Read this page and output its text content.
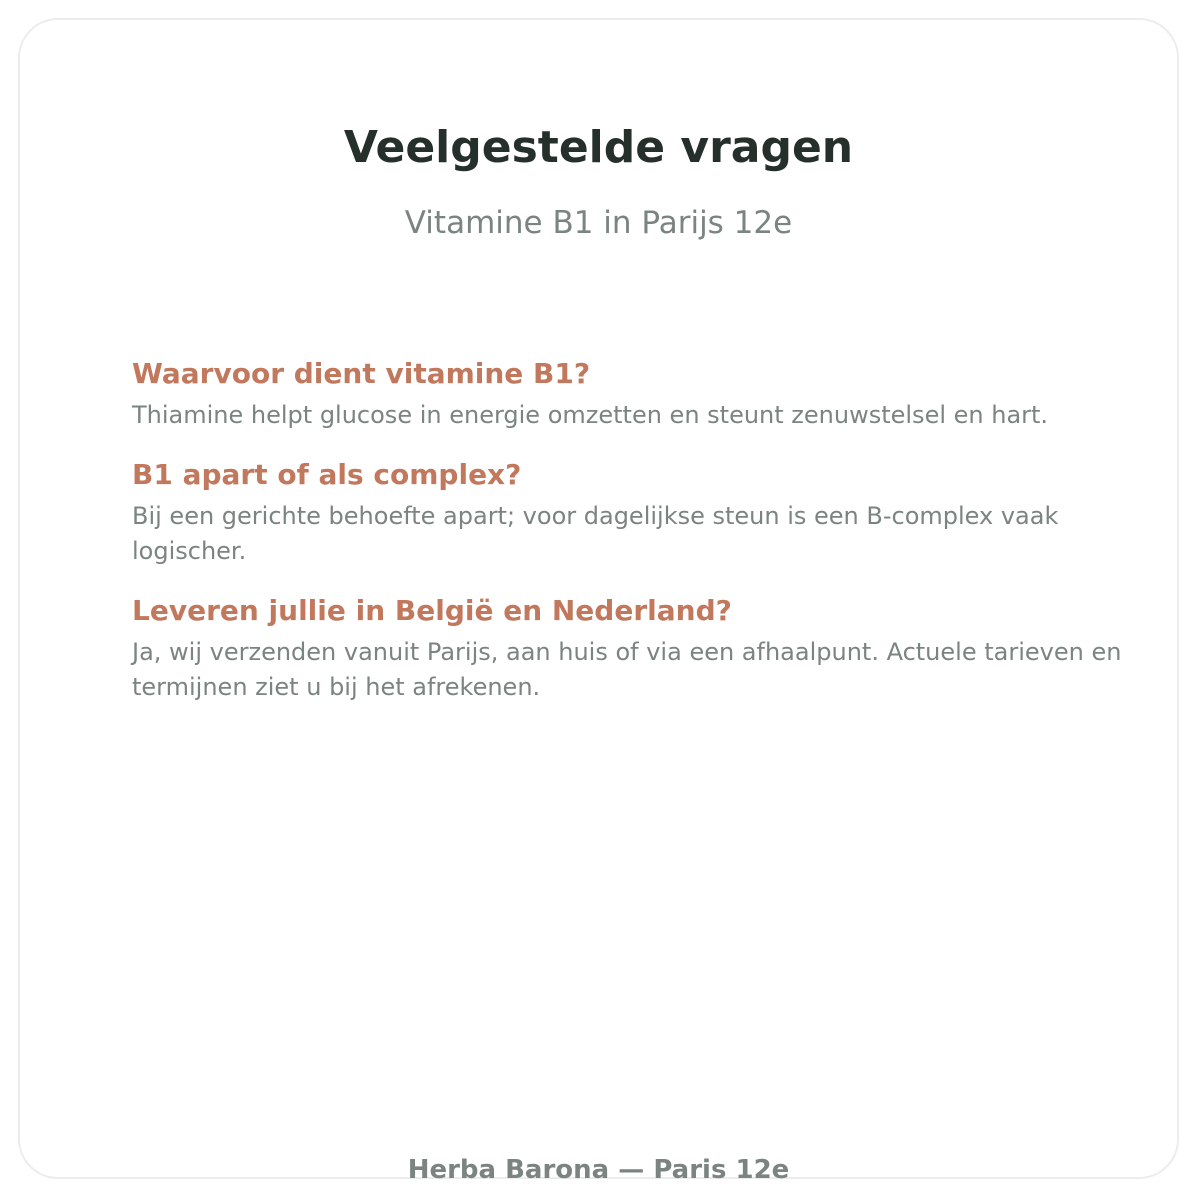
Veelgestelde vragen

Vitamine B1 in Parijs 12e

Waarvoor dient vitamine B1?

Thiamine helpt glucose in energie omzetten en steunt zenuwstelsel en hart.

B1 apart of als complex?

Bij een gerichte behoefte apart; voor dagelijkse steun is een B-complex vaak logischer.

Leveren jullie in België en Nederland?

Ja, wij verzenden vanuit Parijs, aan huis of via een afhaalpunt. Actuele tarieven en termijnen ziet u bij het afrekenen.

Herba Barona — Paris 12e
